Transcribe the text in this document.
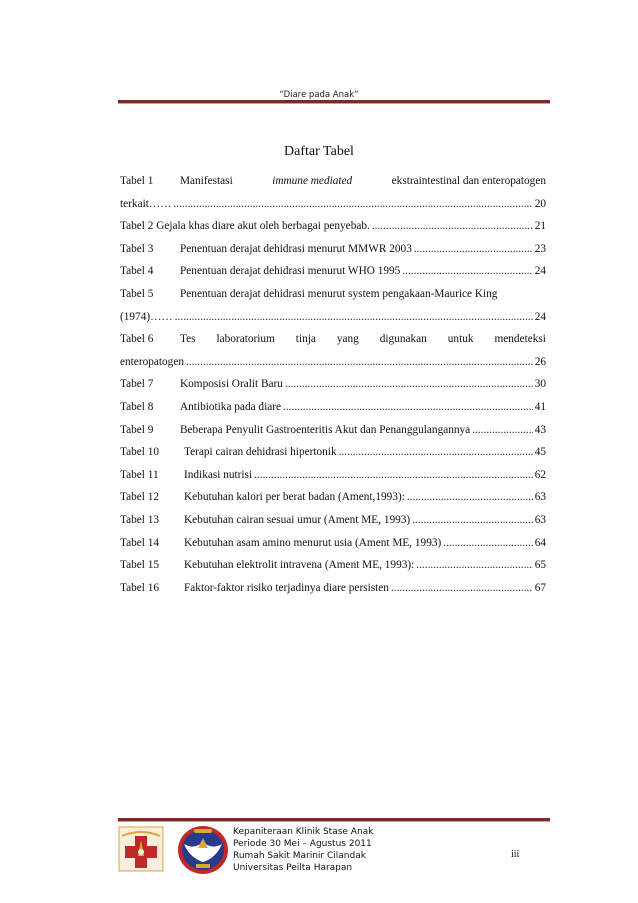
“Diare pada Anak”
Daftar Tabel
Tabel 1	Manifestasi	immune mediated	ekstraintestinal dan enteropatogen
terkait…… .....	20
Tabel 2 Gejala khas diare akut oleh berbagai penyebab. .....	21
Tabel 3	Penentuan derajat dehidrasi menurut MMWR 2003 .....	23
Tabel 4	Penentuan derajat dehidrasi menurut WHO 1995 .....	24
Tabel 5	Penentuan derajat dehidrasi menurut system pengakaan-Maurice King
(1974)…… .....	24
Tabel 6	Tes laboratorium tinja yang digunakan untuk mendeteksi
enteropatogen .....	26
Tabel 7	Komposisi Oralit Baru .....	30
Tabel 8	Antibiotika pada diare .....	41
Tabel 9	Beberapa Penyulit Gastroenteritis Akut dan Penanggulangannya .....	43
Tabel 10	Terapi cairan dehidrasi hipertonik .....	45
Tabel 11	Indikasi nutrisi .....	62
Tabel 12	Kebutuhan kalori per berat badan (Ament,1993): .....	63
Tabel 13	Kebutuhan cairan sesuai umur (Ament ME, 1993) .....	63
Tabel 14	Kebutuhan asam amino menurut usia (Ament ME, 1993) .....	64
Tabel 15	Kebutuhan elektrolit intravena (Ament ME, 1993): .....	65
Tabel 16	Faktor-faktor risiko terjadinya diare persisten .....	67
Kepaniteraan Klinik Stase Anak
Periode 30 Mei – Agustus 2011
Rumah Sakit Marinir Cilandak
Universitas Peilta Harapan
iii
